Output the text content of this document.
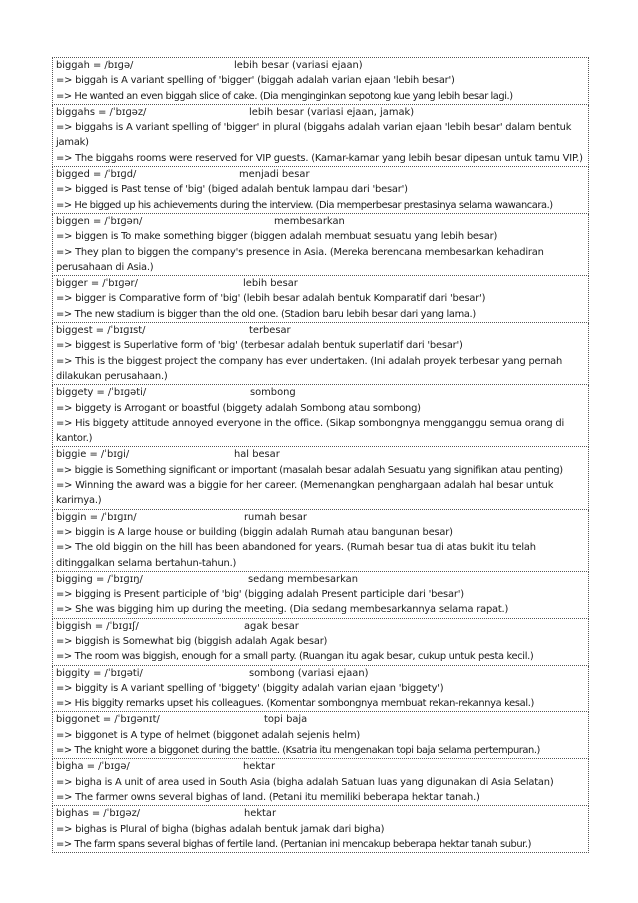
biggah = /bɪɡə/	lebih besar (variasi ejaan)
=> biggah is A variant spelling of 'bigger' (biggah adalah varian ejaan 'lebih besar')
=> He wanted an even biggah slice of cake. (Dia menginginkan sepotong kue yang lebih besar lagi.)
biggahs = /ˈbɪɡəz/	lebih besar (variasi ejaan, jamak)
=> biggahs is A variant spelling of 'bigger' in plural (biggahs adalah varian ejaan 'lebih besar' dalam bentuk jamak)
=> The biggahs rooms were reserved for VIP guests. (Kamar-kamar yang lebih besar dipesan untuk tamu VIP.)
bigged = /ˈbɪɡd/	menjadi besar
=> bigged is Past tense of 'big' (biged adalah bentuk lampau dari 'besar')
=> He bigged up his achievements during the interview. (Dia memperbesar prestasinya selama wawancara.)
biggen = /ˈbɪɡən/	membesarkan
=> biggen is To make something bigger (biggen adalah membuat sesuatu yang lebih besar)
=> They plan to biggen the company's presence in Asia. (Mereka berencana membesarkan kehadiran perusahaan di Asia.)
bigger = /ˈbɪɡər/	lebih besar
=> bigger is Comparative form of 'big' (lebih besar adalah bentuk Komparatif dari 'besar')
=> The new stadium is bigger than the old one. (Stadion baru lebih besar dari yang lama.)
biggest = /ˈbɪɡɪst/	terbesar
=> biggest is Superlative form of 'big' (terbesar adalah bentuk superlatif dari 'besar')
=> This is the biggest project the company has ever undertaken. (Ini adalah proyek terbesar yang pernah dilakukan perusahaan.)
biggety = /ˈbɪɡəti/	sombong
=> biggety is Arrogant or boastful (biggety adalah Sombong atau sombong)
=> His biggety attitude annoyed everyone in the office. (Sikap sombongnya mengganggu semua orang di kantor.)
biggie = /ˈbɪɡi/	hal besar
=> biggie is Something significant or important (masalah besar adalah Sesuatu yang signifikan atau penting)
=> Winning the award was a biggie for her career. (Memenangkan penghargaan adalah hal besar untuk karirnya.)
biggin = /ˈbɪɡɪn/	rumah besar
=> biggin is A large house or building (biggin adalah Rumah atau bangunan besar)
=> The old biggin on the hill has been abandoned for years. (Rumah besar tua di atas bukit itu telah ditinggalkan selama bertahun-tahun.)
bigging = /ˈbɪɡɪŋ/	sedang membesarkan
=> bigging is Present participle of 'big' (bigging adalah Present participle dari 'besar')
=> She was bigging him up during the meeting. (Dia sedang membesarkannya selama rapat.)
biggish = /ˈbɪɡɪʃ/	agak besar
=> biggish is Somewhat big (biggish adalah Agak besar)
=> The room was biggish, enough for a small party. (Ruangan itu agak besar, cukup untuk pesta kecil.)
biggity = /ˈbɪɡəti/	sombong (variasi ejaan)
=> biggity is A variant spelling of 'biggety' (biggity adalah varian ejaan 'biggety')
=> His biggity remarks upset his colleagues. (Komentar sombongnya membuat rekan-rekannya kesal.)
biggonet = /ˈbɪɡənɪt/	topi baja
=> biggonet is A type of helmet (biggonet adalah sejenis helm)
=> The knight wore a biggonet during the battle. (Ksatria itu mengenakan topi baja selama pertempuran.)
bigha = /ˈbɪɡə/	hektar
=> bigha is A unit of area used in South Asia (bigha adalah Satuan luas yang digunakan di Asia Selatan)
=> The farmer owns several bighas of land. (Petani itu memiliki beberapa hektar tanah.)
bighas = /ˈbɪɡəz/	hektar
=> bighas is Plural of bigha (bighas adalah bentuk jamak dari bigha)
=> The farm spans several bighas of fertile land. (Pertanian ini mencakup beberapa hektar tanah subur.)
